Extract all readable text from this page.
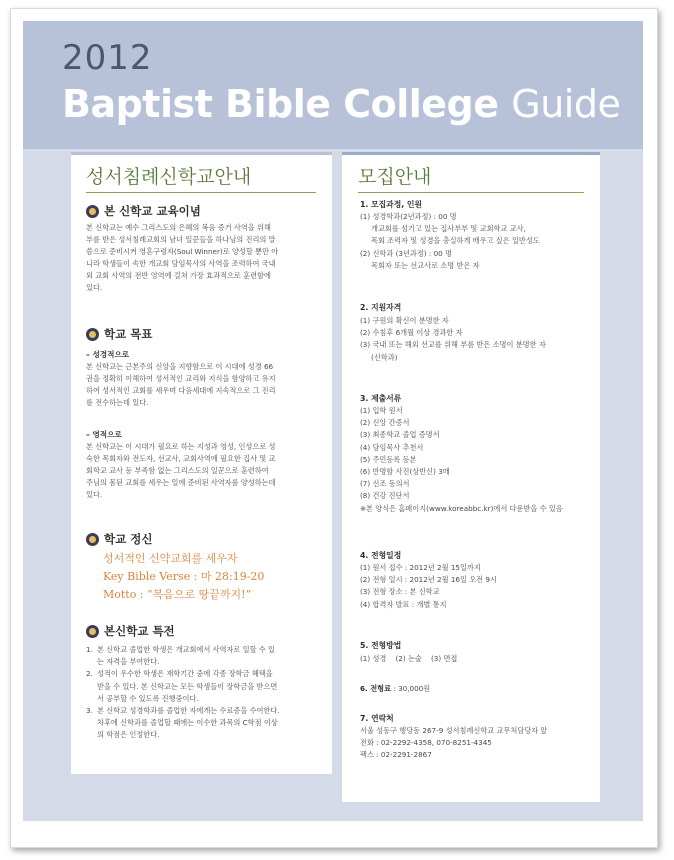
2012
Baptist Bible College Guide
성서침례신학교안내
본 신학교 교육이념
본 신학교는 예수 그리스도의 은혜의 복음 증거 사역을 위해
부름 받은 성서침례교회의 남녀 일꾼들을 하나님의 진리의 말
씀으로 준비시켜 영혼구령자(Soul Winner)로 양성할 뿐만 아
니라 학생들이 속한 개교회 담임목사의 사역을 조력하여 국내
외 교회 사역의 전반 영역에 걸쳐 가장 효과적으로 훈련함에
있다.
학교 목표
– 성경적으로
본 신학교는 근본주의 신앙을 지향함으로 이 시대에 성경 66
권을 정확히 이해하여 성서적인 교리와 지식을 함양하고 유지
하여 성서적인 교회를 세우며 다음세대에 지속적으로 그 진리
를 전수하는데 있다.
– 영적으로
본 신학교는 이 시대가 필요로 하는 지성과 영성, 인성으로 성
숙한 목회자와 전도자, 선교사, 교회사역에 필요한 집사 및 교
회학교 교사 등 부족함 없는 그리스도의 일꾼으로 훈련하여
주님의 몸된 교회를 세우는 일에 준비된 사역자를 양성하는데
있다.
학교 정신
성서적인 신약교회를 세우자
Key Bible Verse : 마 28:19-20
Motto : “복음으로 땅끝까지!”
본신학교 특전
1. 본 신학교 졸업한 학생은 개교회에서 사역자로 일할 수 있
는 자격을 부여한다.
2. 성적이 우수한 학생은 재학기간 중에 각종 장학금 혜택을
받을 수 있다. 본 신학교는 모든 학생들이 장학금을 받으면
서 공부할 수 있도록 진행중이다.
3. 본 신학교 성경학과를 졸업한 자에게는 수료증을 수여한다.
차후에 신학과를 졸업할 때에는 이수한 과목의 C학점 이상
의 학점은 인정한다.
모집안내
1. 모집과정, 인원
(1) 성경학과(2년과정) : 00 명
개교회를 섬기고 있는 집사부부 및 교회학교 교사,
목회 조력자 및 성경을 충실하게 배우고 싶은 일반성도
(2) 신학과 (3년과정) : 00 명
목회자 또는 선교사로 소명 받은 자
2. 지원자격
(1) 구원의 확신이 분명한 자
(2) 수침후 6개월 이상 경과한 자
(3) 국내 또는 해외 선교를 위해 부름 받은 소명이 분명한 자
(신학과)
3. 제출서류
(1) 입학 원서
(2) 신앙 간증서
(3) 최종학교 졸업 증명서
(4) 담임목사 추천서
(5) 주민등록 등본
(6) 반명함 사진(상반신) 3매
(7) 신조 동의서
(8) 건강 진단서
※본 양식은 홈페이지(www.koreabbc.kr)에서 다운받을 수 있음
4. 전형일정
(1) 원서 접수 : 2012년 2월 15일까지
(2) 전형 일시 : 2012년 2월 16일 오전 9시
(3) 전형 장소 : 본 신학교
(4) 합격자 발표 : 개별 통지
5. 전형방법
(1) 성경    (2) 논술    (3) 면접
6. 전형료 : 30,000원
7. 연락처
서울 성동구 행당동 267-9 성서침례신학교 교무처담당자 앞
전화 : 02-2292-4358, 070-8251-4345
팩스 : 02-2291-2867
